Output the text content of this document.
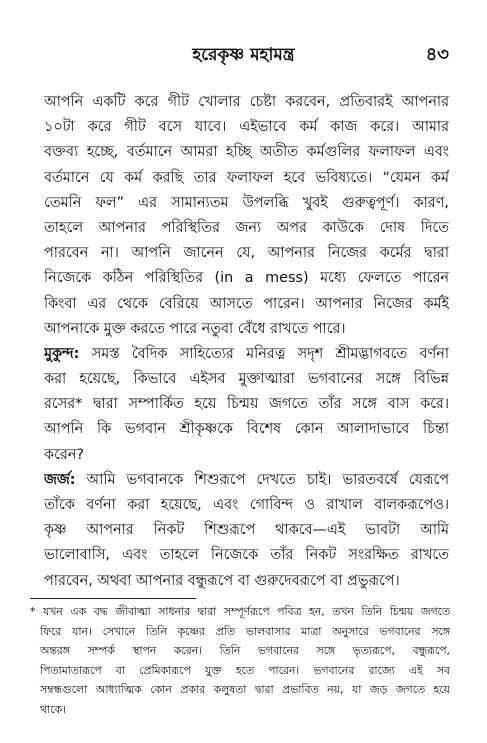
হরেকৃষ্ণ মহামন্ত্র	৪৩
আপনি একটি করে গীট খোলার চেষ্টা করবেন, প্রতিবারই আপনার
১০টা করে গীট বসে যাবে। এইভাবে কর্ম কাজ করে। আমার
বক্তব্য হচ্ছে, বর্তমানে আমরা হচ্ছি অতীত কর্মগুলির ফলাফল এবং
বর্তমানে যে কর্ম করছি তার ফলাফল হবে ভবিষ্যতে। “যেমন কর্ম
তেমনি ফল” এর সামান্যতম উপলব্ধি খুবই গুরুত্বপূর্ণ। কারণ,
তাহলে আপনার পরিস্থিতির জন্য অপর কাউকে দোষ দিতে
পারবেন না। আপনি জানেন যে, আপনার নিজের কর্মের দ্বারা
নিজেকে কঠিন পরিস্থিতির (in a mess) মধ্যে ফেলতে পারেন
কিংবা এর থেকে বেরিয়ে আসতে পারেন। আপনার নিজের কর্মই
আপনাকে মুক্ত করতে পারে নতুবা বেঁধে রাখতে পারে।
মুকুন্দ: সমস্ত বৈদিক সাহিত্যের মনিরত্ন সদৃশ শ্রীমদ্ভাগবতে বর্ণনা
করা হয়েছে, কিভাবে এইসব মুক্তাত্মারা ভগবানের সঙ্গে বিভিন্ন
রসের* দ্বারা সম্পার্কিত হয়ে চিন্ময় জগতে তাঁর সঙ্গে বাস করে।
আপনি কি ভগবান শ্রীকৃষ্ণকে বিশেষ কোন আলাদাভাবে চিন্তা
করেন?
জর্জ: আমি ভগবানকে শিশুরূপে দেখতে চাই। ভারতবর্ষে যেরূপে
তাঁকে বর্ণনা করা হয়েছে, এবং গোবিন্দ ও রাখাল বালকরূপেও।
কৃষ্ণ আপনার নিকট শিশুরূপে থাকবে—এই ভাবটা আমি
ভালোবাসি, এবং তাহলে নিজেকে তাঁর নিকট সংরক্ষিত রাখতে
পারবেন, অথবা আপনার বন্ধুরূপে বা গুরুদেবরূপে বা প্রভুরূপে।
* যখন এক বদ্ধ জীবাত্মা সাধনার দ্বারা সম্পূর্ণরূপে পবিত্র হন, তখন তিনি চিন্ময় জগতে
ফিরে যান। সেখানে তিনি কৃষ্ণের প্রতি ভালবাসার মাত্রা অনুসারে ভগবানের সঙ্গে
অন্তরঙ্গ সম্পর্ক স্থাপন করেন। তিনি ভগবানের সঙ্গে ভৃত্যরূপে, বন্ধুরূপে,
পিতামাতারূপে বা প্রেমিকারূপে যুক্ত হতে পারেন। ভগবানের রাজ্যে এই সব
সম্বন্ধগুলো আধ্যাত্মিক কোন প্রকার কলুষতা দ্বারা প্রভাবিত নয়, যা জড় জগতে হয়ে
থাকে।
